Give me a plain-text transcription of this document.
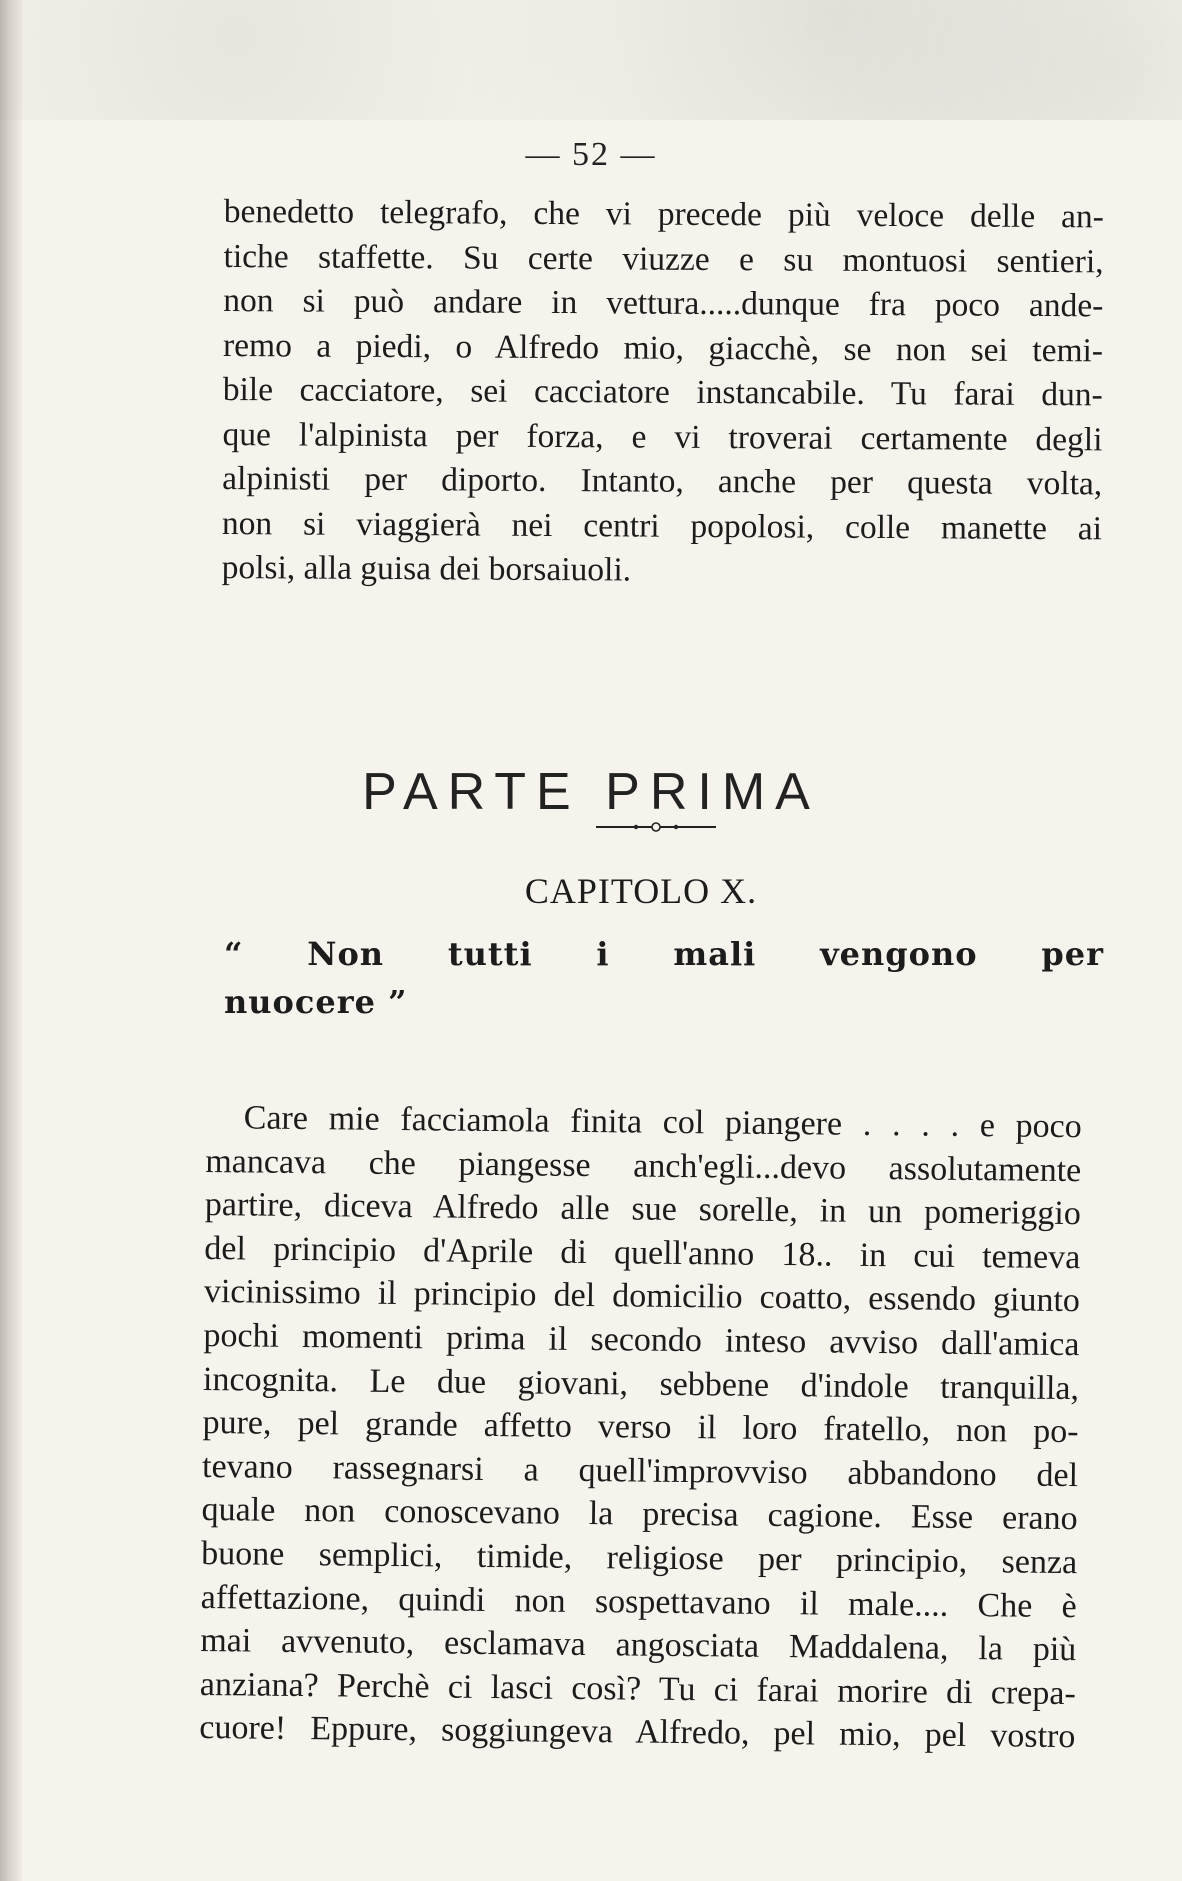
— 52 —
benedetto telegrafo, che vi precede più veloce delle an-
tiche staffette. Su certe viuzze e su montuosi sentieri,
non si può andare in vettura.....dunque fra poco ande-
remo a piedi, o Alfredo mio, giacchè, se non sei temi-
bile cacciatore, sei cacciatore instancabile. Tu farai dun-
que l'alpinista per forza, e vi troverai certamente degli
alpinisti per diporto. Intanto, anche per questa volta,
non si viaggierà nei centri popolosi, colle manette ai
polsi, alla guisa dei borsaiuoli.
PARTE PRIMA
CAPITOLO X.
“ Non tutti i mali vengono per
nuocere ”
Care mie facciamola finita col piangere . . . . e poco
mancava che piangesse anch'egli...devo assolutamente
partire, diceva Alfredo alle sue sorelle, in un pomeriggio
del principio d'Aprile di quell'anno 18.. in cui temeva
vicinissimo il principio del domicilio coatto, essendo giunto
pochi momenti prima il secondo inteso avviso dall'amica
incognita. Le due giovani, sebbene d'indole tranquilla,
pure, pel grande affetto verso il loro fratello, non po-
tevano rassegnarsi a quell'improvviso abbandono del
quale non conoscevano la precisa cagione. Esse erano
buone semplici, timide, religiose per principio, senza
affettazione, quindi non sospettavano il male.... Che è
mai avvenuto, esclamava angosciata Maddalena, la più
anziana? Perchè ci lasci così? Tu ci farai morire di crepa-
cuore! Eppure, soggiungeva Alfredo, pel mio, pel vostro
